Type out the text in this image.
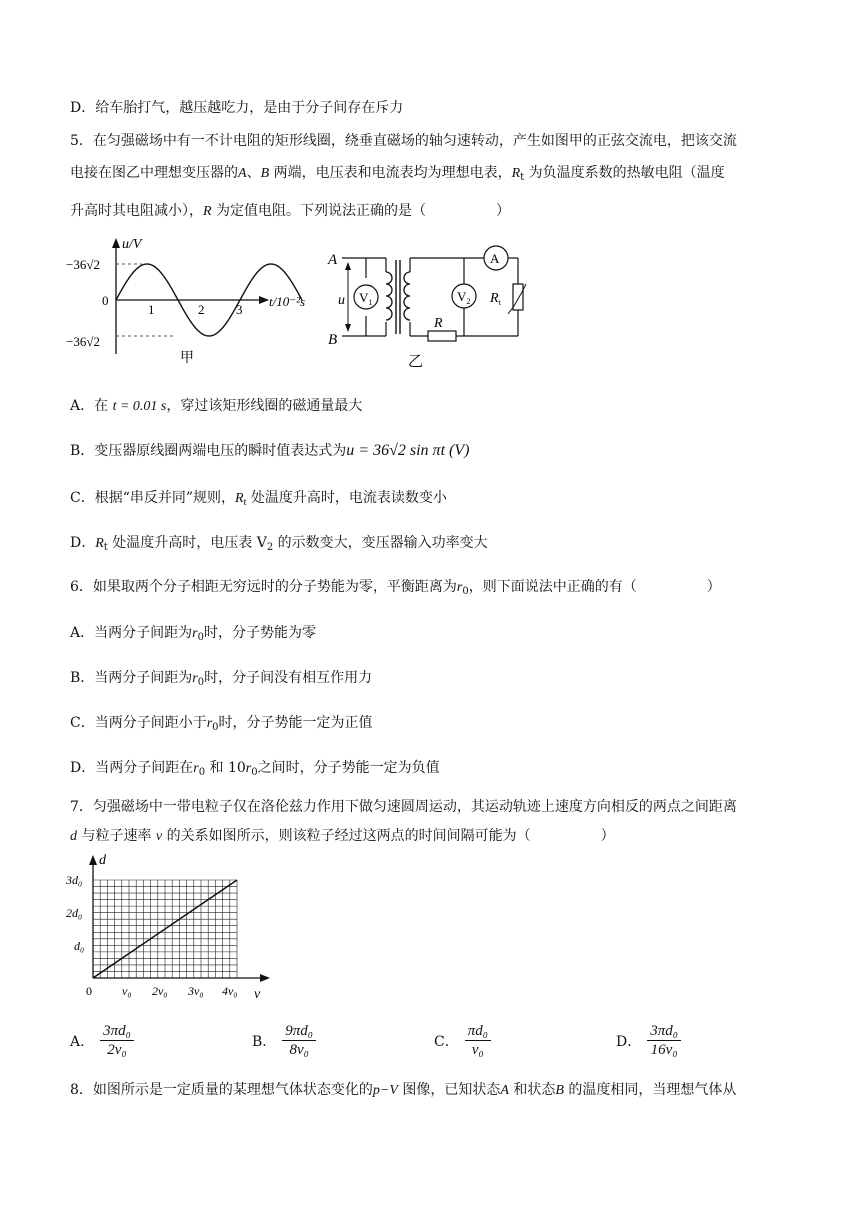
D．给车胎打气，越压越吃力，是由于分子间存在斥力
5．在匀强磁场中有一不计电阻的矩形线圈，绕垂直磁场的轴匀速转动，产生如图甲的正弦交流电，把该交流
电接在图乙中理想变压器的A、B 两端，电压表和电流表均为理想电表，$R_t$ 为负温度系数的热敏电阻（温度
升高时其电阻减小），R 为定值电阻。下列说法正确的是（	）
u/V
−36√2
0
−36√2
1	2 3
t/10⁻²s
甲
A
B
u $V_1$
A
R
$V_2$ $R_t$
乙
A．在 t = 0.01 s，穿过该矩形线圈的磁通量最大
B．变压器原线圈两端电压的瞬时值表达式为u = 36√2 sin πt (V)
C．根据“串反并同”规则，$R_t$ 处温度升高时，电流表读数变小
D．$R_t$ 处温度升高时，电压表 $V_2$ 的示数变大，变压器输入功率变大
6．如果取两个分子相距无穷远时的分子势能为零，平衡距离为$r_0$，则下面说法中正确的有（	）
A．当两分子间距为$r_0$时，分子势能为零
B．当两分子间距为$r_0$时，分子间没有相互作用力
C．当两分子间距小于$r_0$时，分子势能一定为正值
D．当两分子间距在$r_0$ 和 $10r_0$之间时，分子势能一定为负值
7．匀强磁场中一带电粒子仅在洛伦兹力作用下做匀速圆周运动，其运动轨迹上速度方向相反的两点之间距离
d 与粒子速率 v 的关系如图所示，则该粒子经过这两点的时间间隔可能为（	）
d
v
3d₀
2d₀
d₀
0	v₀ 2v₀ 3v₀ 4v₀
A． $\frac{\text{3πd₀}}{\text{2v₀}}$	B． $\frac{\text{9πd₀}}{\text{8v₀}}$	C． $\frac{\text{πd₀}}{\text{v₀}}$	D． $\frac{\text{3πd₀}}{\text{16v₀}}$
8．如图所示是一定质量的某理想气体状态变化的p−V 图像，已知状态A 和状态B 的温度相同，当理想气体从
